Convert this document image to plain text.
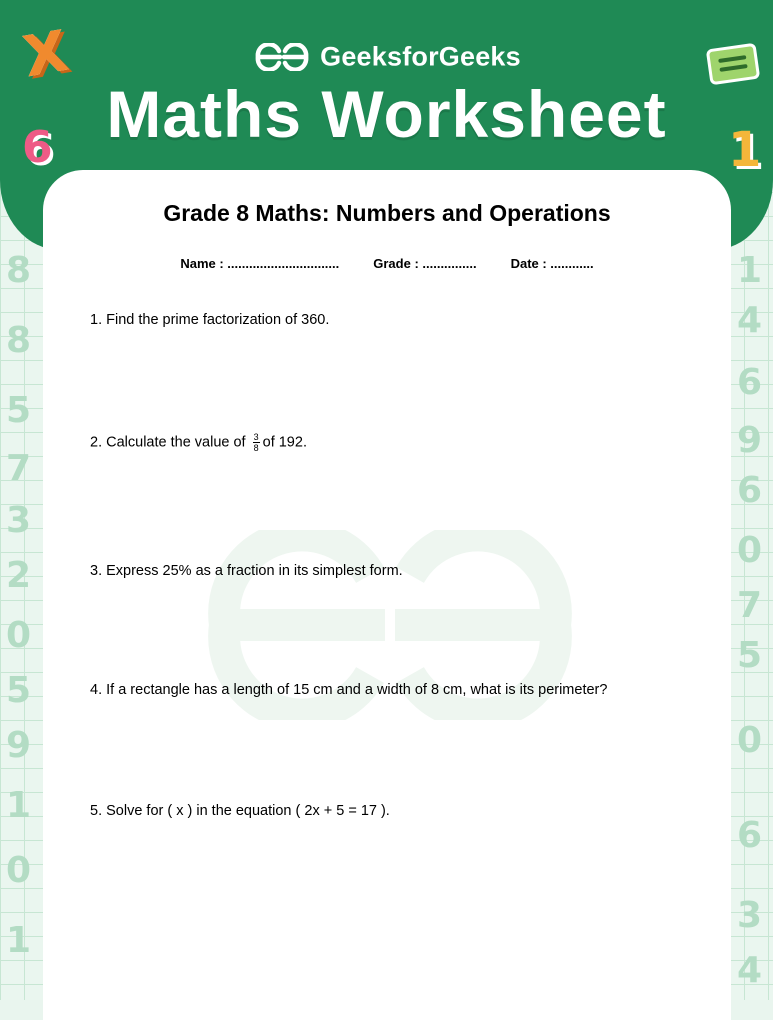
8
8
5
7
3
2
0
5
9
1
0
1
1
4
6
9
6
0
7
5
0
6
3
4
GeeksforGeeks
Maths Worksheet
X
6	1
Grade 8 Maths: Numbers and Operations
Name : ...............................	Grade : ...............	Date : ............
1. Find the prime factorization of 360.
2. Calculate the value of $\frac{3}{8}$ of 192.
3. Express 25% as a fraction in its simplest form.
4. If a rectangle has a length of 15 cm and a width of 8 cm, what is its perimeter?
5. Solve for ( x ) in the equation ( 2x + 5 = 17 ).
